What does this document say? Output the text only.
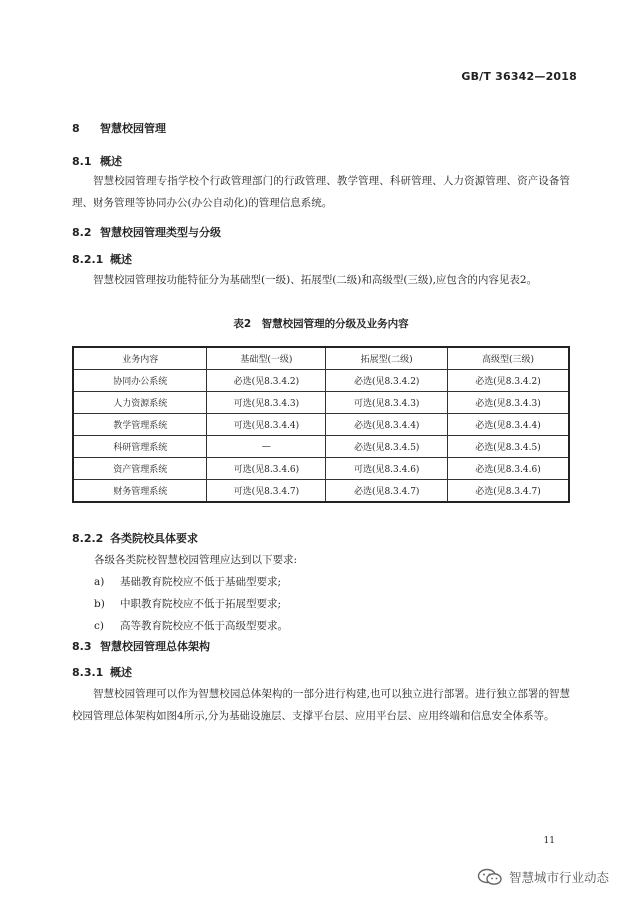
GB/T 36342—2018
8 智慧校园管理
8.1 概述

智慧校园管理专指学校个行政管理部门的行政管理、教学管理、科研管理、人力资源管理、资产设备管理、财务管理等协同办公(办公自动化)的管理信息系统。

8.2 智慧校园管理类型与分级
8.2.1 概述

智慧校园管理按功能特征分为基础型(一级)、拓展型(二级)和高级型(三级),应包含的内容见表2。

表2　智慧校园管理的分级及业务内容
业务内容	基础型(一级)	拓展型(二级)	高级型(三级)
协同办公系统	必选(见8.3.4.2)	必选(见8.3.4.2)	必选(见8.3.4.2)
人力资源系统	可选(见8.3.4.3)	可选(见8.3.4.3)	必选(见8.3.4.3)
教学管理系统	可选(见8.3.4.4)	必选(见8.3.4.4)	必选(见8.3.4.4)
科研管理系统	—	必选(见8.3.4.5)	必选(见8.3.4.5)
资产管理系统	可选(见8.3.4.6)	可选(见8.3.4.6)	必选(见8.3.4.6)
财务管理系统	可选(见8.3.4.7)	必选(见8.3.4.7)	必选(见8.3.4.7)
8.2.2 各类院校具体要求
各级各类院校智慧校园管理应达到以下要求:
a) 基础教育院校应不低于基础型要求;
b) 中职教育院校应不低于拓展型要求;
c) 高等教育院校应不低于高级型要求。
8.3 智慧校园管理总体架构
8.3.1 概述

智慧校园管理可以作为智慧校园总体架构的一部分进行构建,也可以独立进行部署。进行独立部署的智慧校园管理总体架构如图4所示,分为基础设施层、支撑平台层、应用平台层、应用终端和信息安全体系等。

11
智慧城市行业动态
